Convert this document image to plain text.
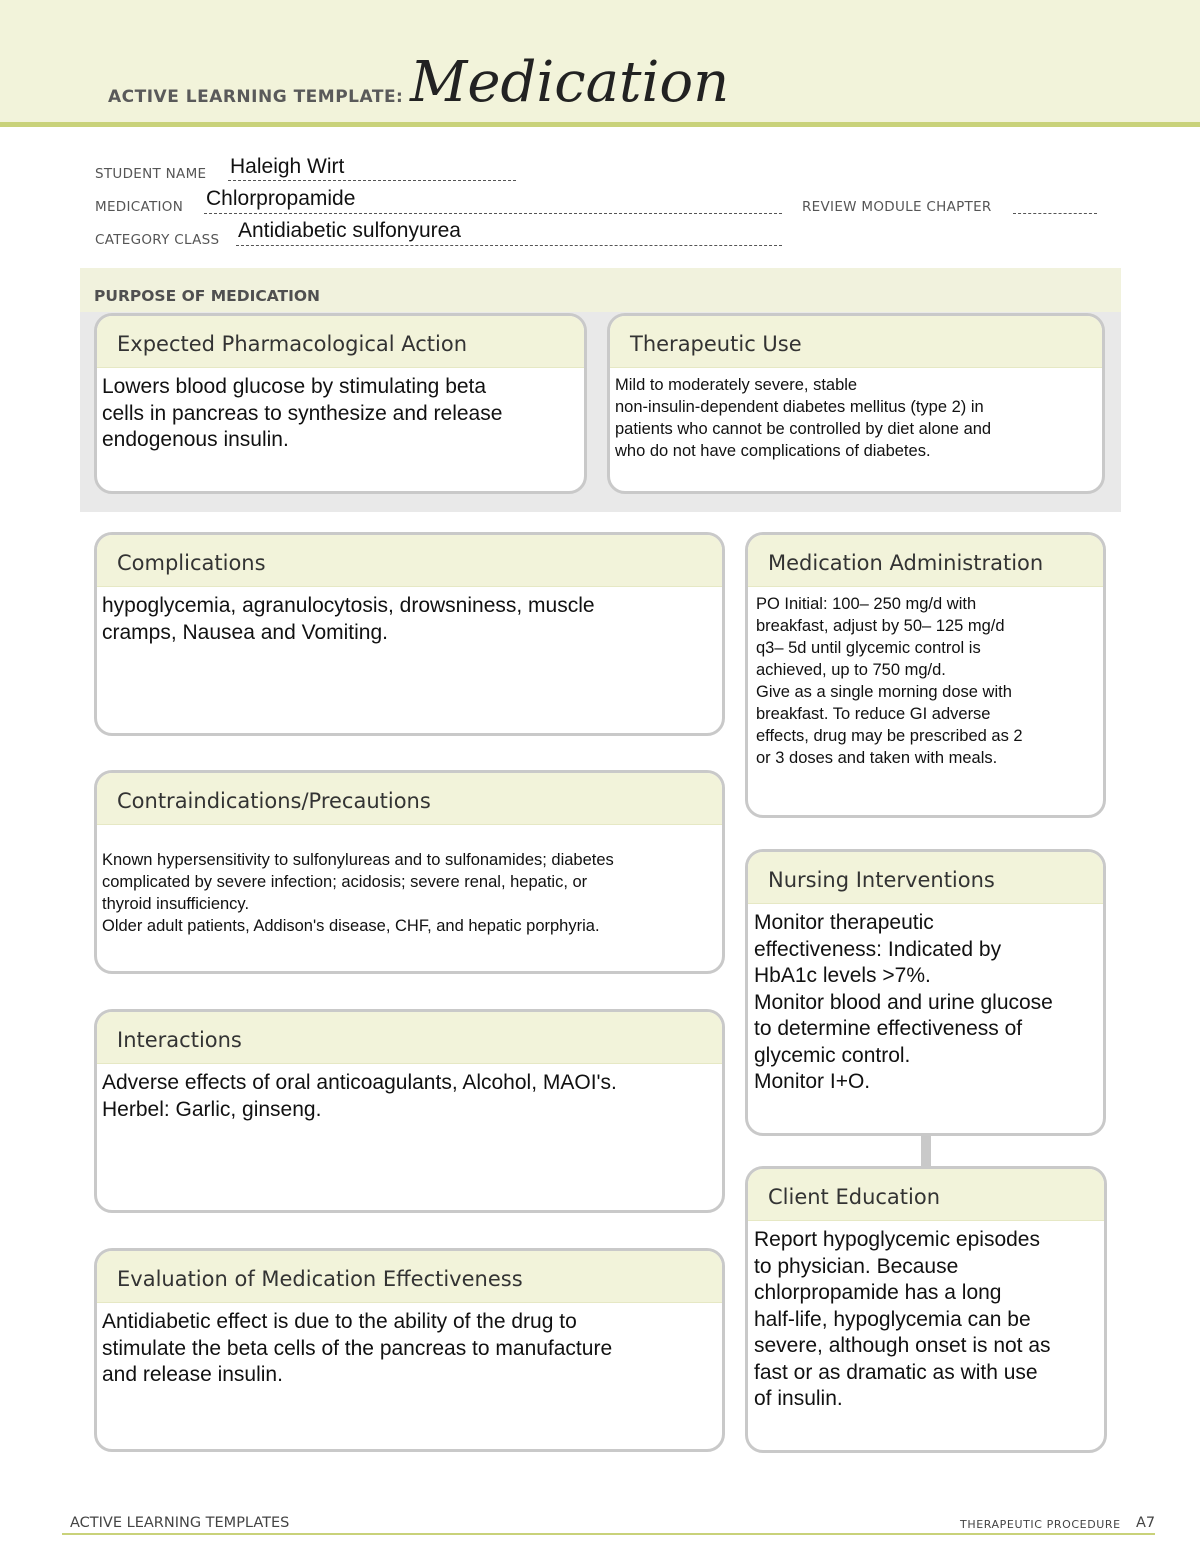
ACTIVE LEARNING TEMPLATE: Medication
STUDENT NAME Haleigh Wirt
MEDICATION Chlorpropamide	REVIEW MODULE CHAPTER
CATEGORY CLASS Antidiabetic sulfonyurea
PURPOSE OF MEDICATION
Expected Pharmacological Action

Lowers blood glucose by stimulating beta

cells in pancreas to synthesize and release

endogenous insulin.

Therapeutic Use

Mild to moderately severe, stable

non-insulin-dependent diabetes mellitus (type 2) in

patients who cannot be controlled by diet alone and

who do not have complications of diabetes.

Complications

hypoglycemia, agranulocytosis, drowsniness, muscle

cramps, Nausea and Vomiting.

Contraindications/Precautions

Known hypersensitivity to sulfonylureas and to sulfonamides; diabetes

complicated by severe infection; acidosis; severe renal, hepatic, or

thyroid insufficiency.

Older adult patients, Addison's disease, CHF, and hepatic porphyria.

Interactions

Adverse effects of oral anticoagulants, Alcohol, MAOI's.

Herbel: Garlic, ginseng.

Evaluation of Medication Effectiveness

Antidiabetic effect is due to the ability of the drug to

stimulate the beta cells of the pancreas to manufacture

and release insulin.

Medication Administration

PO Initial: 100– 250 mg/d with

breakfast, adjust by 50– 125 mg/d

q3– 5d until glycemic control is

achieved, up to 750 mg/d.

Give as a single morning dose with

breakfast. To reduce GI adverse

effects, drug may be prescribed as 2

or 3 doses and taken with meals.

Nursing Interventions

Monitor therapeutic

effectiveness: Indicated by

HbA1c levels >7%.

Monitor blood and urine glucose

to determine effectiveness of

glycemic control.

Monitor I+O.

Client Education

Report hypoglycemic episodes

to physician. Because

chlorpropamide has a long

half-life, hypoglycemia can be

severe, although onset is not as

fast or as dramatic as with use

of insulin.

ACTIVE LEARNING TEMPLATES	THERAPEUTIC PROCEDURE A7
